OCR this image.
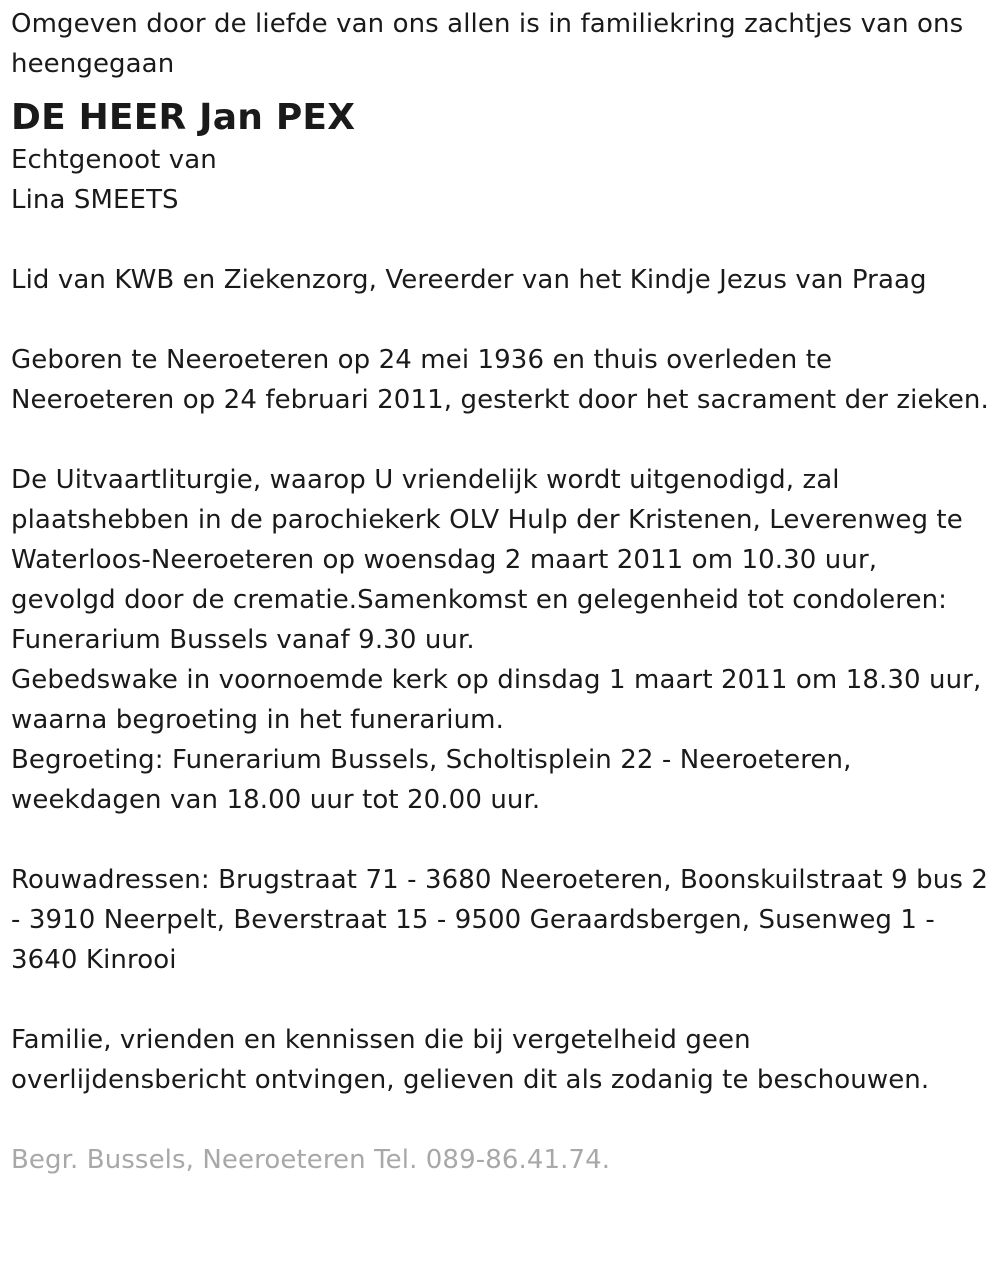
Omgeven door de liefde van ons allen is in familiekring zachtjes van ons heengegaan

DE HEER Jan PEX

Echtgenoot van

Lina SMEETS

Lid van KWB en Ziekenzorg, Vereerder van het Kindje Jezus van Praag

Geboren te Neeroeteren op 24 mei 1936 en thuis overleden te Neeroeteren op 24 februari 2011, gesterkt door het sacrament der zieken.

De Uitvaartliturgie, waarop U vriendelijk wordt uitgenodigd, zal plaatshebben in de parochiekerk OLV Hulp der Kristenen, Leverenweg te Waterloos-Neeroeteren op woensdag 2 maart 2011 om 10.30 uur, gevolgd door de crematie.Samenkomst en gelegenheid tot condoleren: Funerarium Bussels vanaf 9.30 uur.

Gebedswake in voornoemde kerk op dinsdag 1 maart 2011 om 18.30 uur, waarna begroeting in het funerarium.

Begroeting: Funerarium Bussels, Scholtisplein 22 - Neeroeteren, weekdagen van 18.00 uur tot 20.00 uur.

Rouwadressen: Brugstraat 71 - 3680 Neeroeteren, Boonskuilstraat 9 bus 2 - 3910 Neerpelt, Beverstraat 15 - 9500 Geraardsbergen, Susenweg 1 - 3640 Kinrooi

Familie, vrienden en kennissen die bij vergetelheid geen overlijdensbericht ontvingen, gelieven dit als zodanig te beschouwen.

Begr. Bussels, Neeroeteren Tel. 089-86.41.74.
